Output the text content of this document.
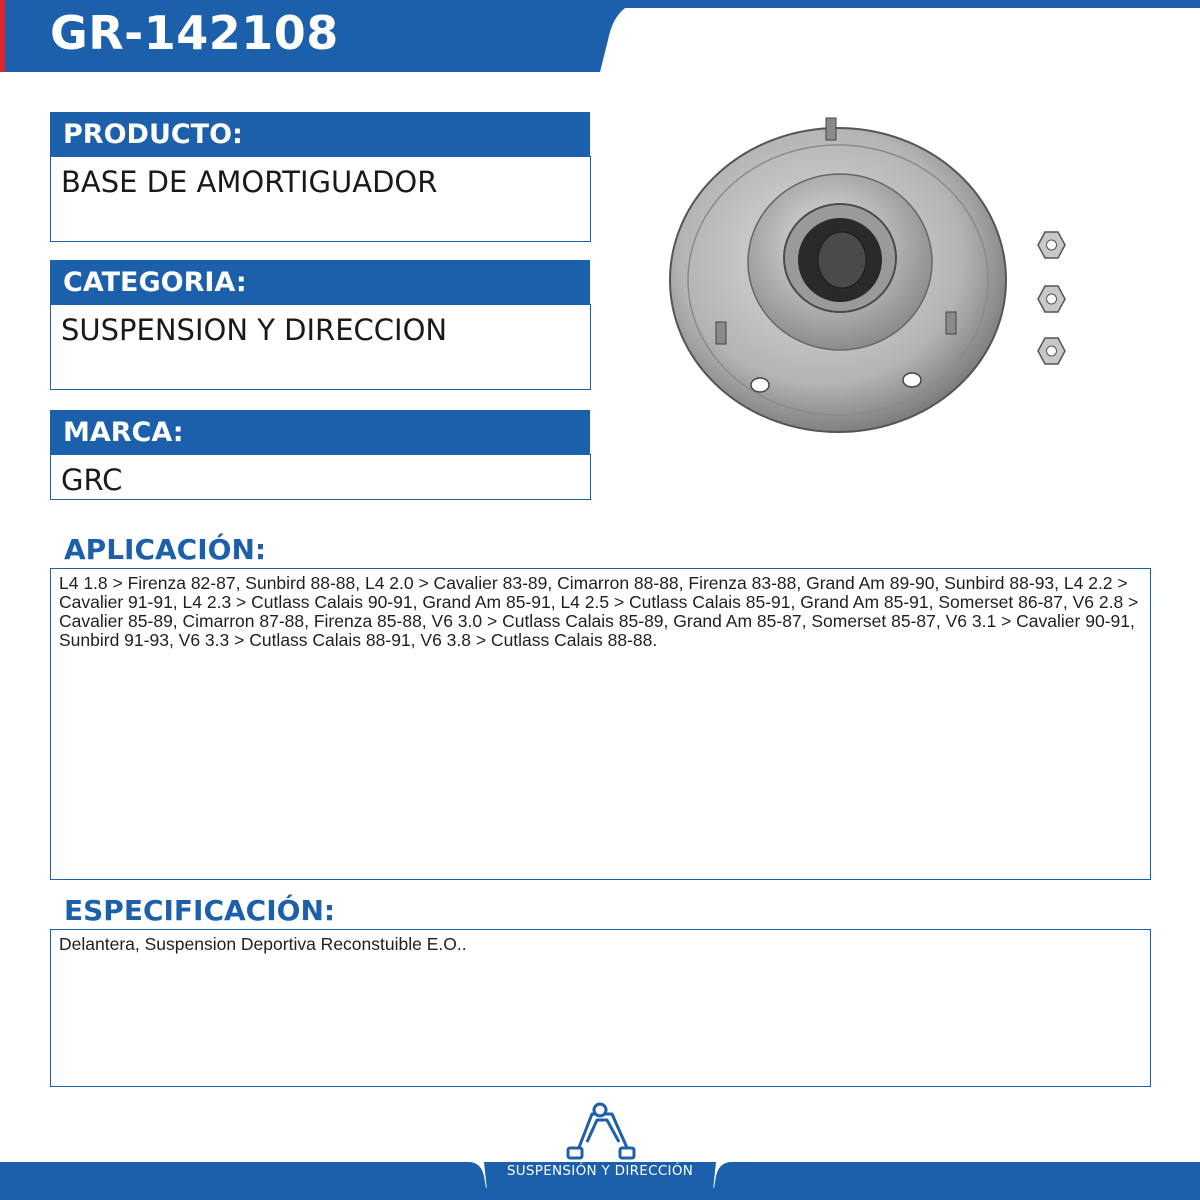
GR-142108
PRODUCTO:
BASE DE AMORTIGUADOR
CATEGORIA:
SUSPENSION Y DIRECCION
MARCA:
GRC
APLICACIÓN:
L4 1.8 > Firenza 82-87, Sunbird 88-88, L4 2.0 > Cavalier 83-89, Cimarron 88-88, Firenza 83-88, Grand Am 89-90, Sunbird 88-93, L4 2.2 > Cavalier 91-91, L4 2.3 > Cutlass Calais 90-91, Grand Am 85-91, L4 2.5 > Cutlass Calais 85-91, Grand Am 85-91, Somerset 86-87, V6 2.8 > Cavalier 85-89, Cimarron 87-88, Firenza 85-88, V6 3.0 > Cutlass Calais 85-89, Grand Am 85-87, Somerset 85-87, V6 3.1 > Cavalier 90-91, Sunbird 91-93, V6 3.3 > Cutlass Calais 88-91, V6 3.8 > Cutlass Calais 88-88.
ESPECIFICACIÓN:
Delantera, Suspension Deportiva Reconstuible E.O..
SUSPENSIÓN Y DIRECCIÓN
